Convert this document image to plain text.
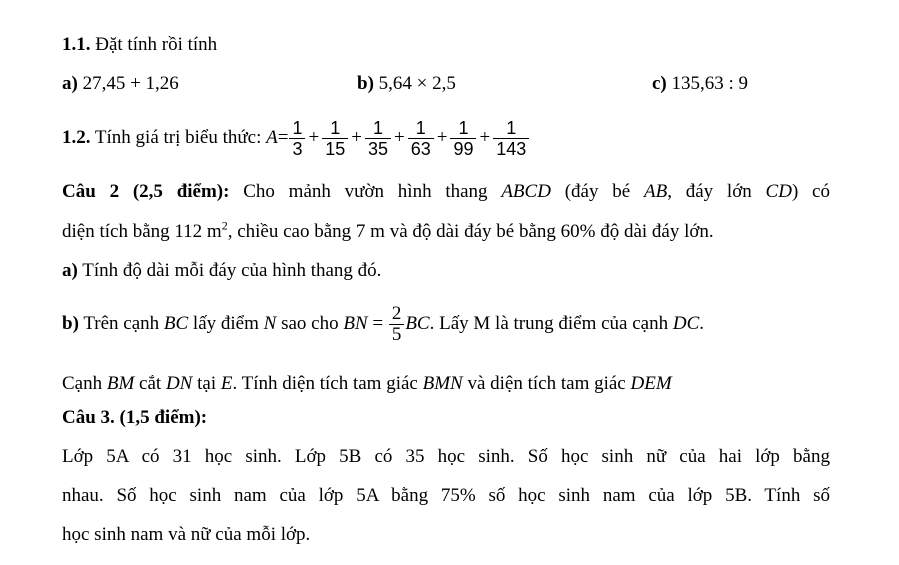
1.1. Đặt tính rồi tính
a) 27,45 + 1,26	b) 5,64 × 2,5	c) 135,63 : 9
1.2. Tính giá trị biểu thức: $A= \frac{1}{3} + \frac{1}{15} + \frac{1}{35} + \frac{1}{63} + \frac{1}{99} + \frac{1}{143}$
Câu 2 (2,5 điểm): Cho mảnh vườn hình thang ABCD (đáy bé AB, đáy lớn CD) có
diện tích bằng 112 $m^2$, chiều cao bằng 7 m và độ dài đáy bé bằng 60% độ dài đáy lớn.
a) Tính độ dài mỗi đáy của hình thang đó.
b) Trên cạnh BC lấy điểm N sao cho BN = $\frac{2}{5}$ BC. Lấy M là trung điểm của cạnh DC.
Cạnh BM cắt DN tại E. Tính diện tích tam giác BMN và diện tích tam giác DEM
Câu 3. (1,5 điểm):
Lớp 5A có 31 học sinh. Lớp 5B có 35 học sinh. Số học sinh nữ của hai lớp bằng
nhau. Số học sinh nam của lớp 5A bằng 75% số học sinh nam của lớp 5B. Tính số
học sinh nam và nữ của mỗi lớp.
